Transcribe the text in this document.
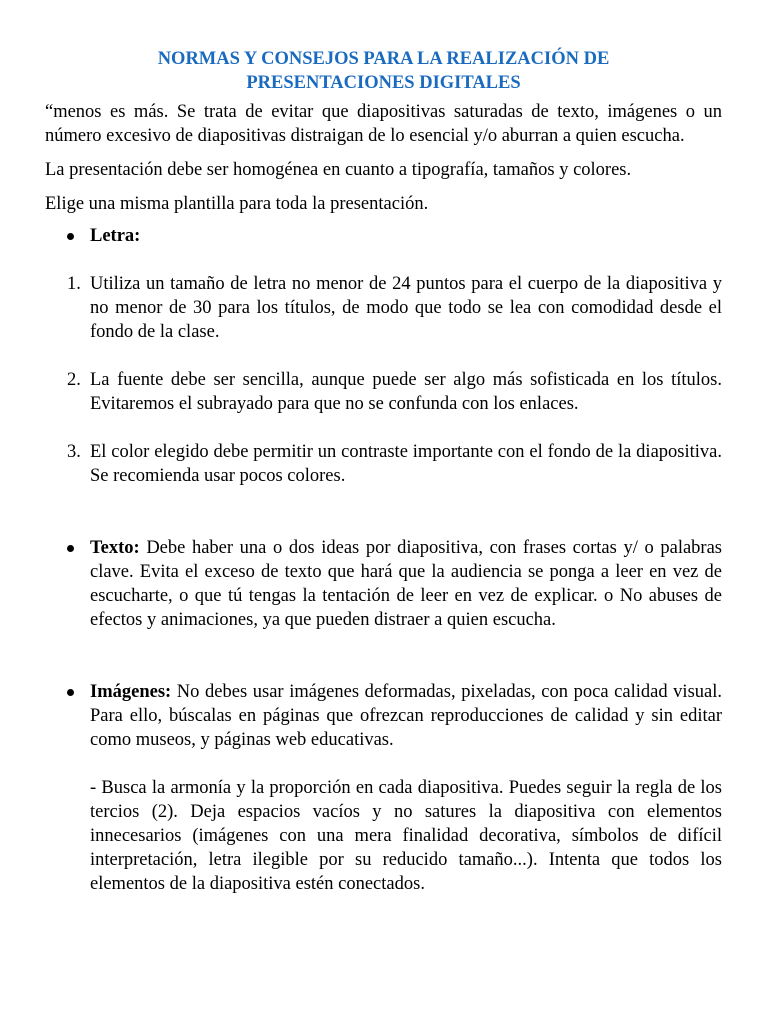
NORMAS Y CONSEJOS PARA LA REALIZACIÓN DE
PRESENTACIONES DIGITALES

“menos es más. Se trata de evitar que diapositivas saturadas de texto, imágenes o un número excesivo de diapositivas distraigan de lo esencial y/o aburran a quien escucha.

La presentación debe ser homogénea en cuanto a tipografía, tamaños y colores.

Elige una misma plantilla para toda la presentación.

Letra:
1. Utiliza un tamaño de letra no menor de 24 puntos para el cuerpo de la diapositiva y no menor de 30 para los títulos, de modo que todo se lea con comodidad desde el fondo de la clase.
2. La fuente debe ser sencilla, aunque puede ser algo más sofisticada en los títulos. Evitaremos el subrayado para que no se confunda con los enlaces.
3. El color elegido debe permitir un contraste importante con el fondo de la diapositiva. Se recomienda usar pocos colores.
Texto: Debe haber una o dos ideas por diapositiva, con frases cortas y/ o palabras clave. Evita el exceso de texto que hará que la audiencia se ponga a leer en vez de escucharte, o que tú tengas la tentación de leer en vez de explicar. o No abuses de efectos y animaciones, ya que pueden distraer a quien escucha.
Imágenes: No debes usar imágenes deformadas, pixeladas, con poca calidad visual. Para ello, búscalas en páginas que ofrezcan reproducciones de calidad y sin editar como museos, y páginas web educativas.
- Busca la armonía y la proporción en cada diapositiva. Puedes seguir la regla de los tercios (2). Deja espacios vacíos y no satures la diapositiva con elementos innecesarios (imágenes con una mera finalidad decorativa, símbolos de difícil interpretación, letra ilegible por su reducido tamaño...). Intenta que todos los elementos de la diapositiva estén conectados.
